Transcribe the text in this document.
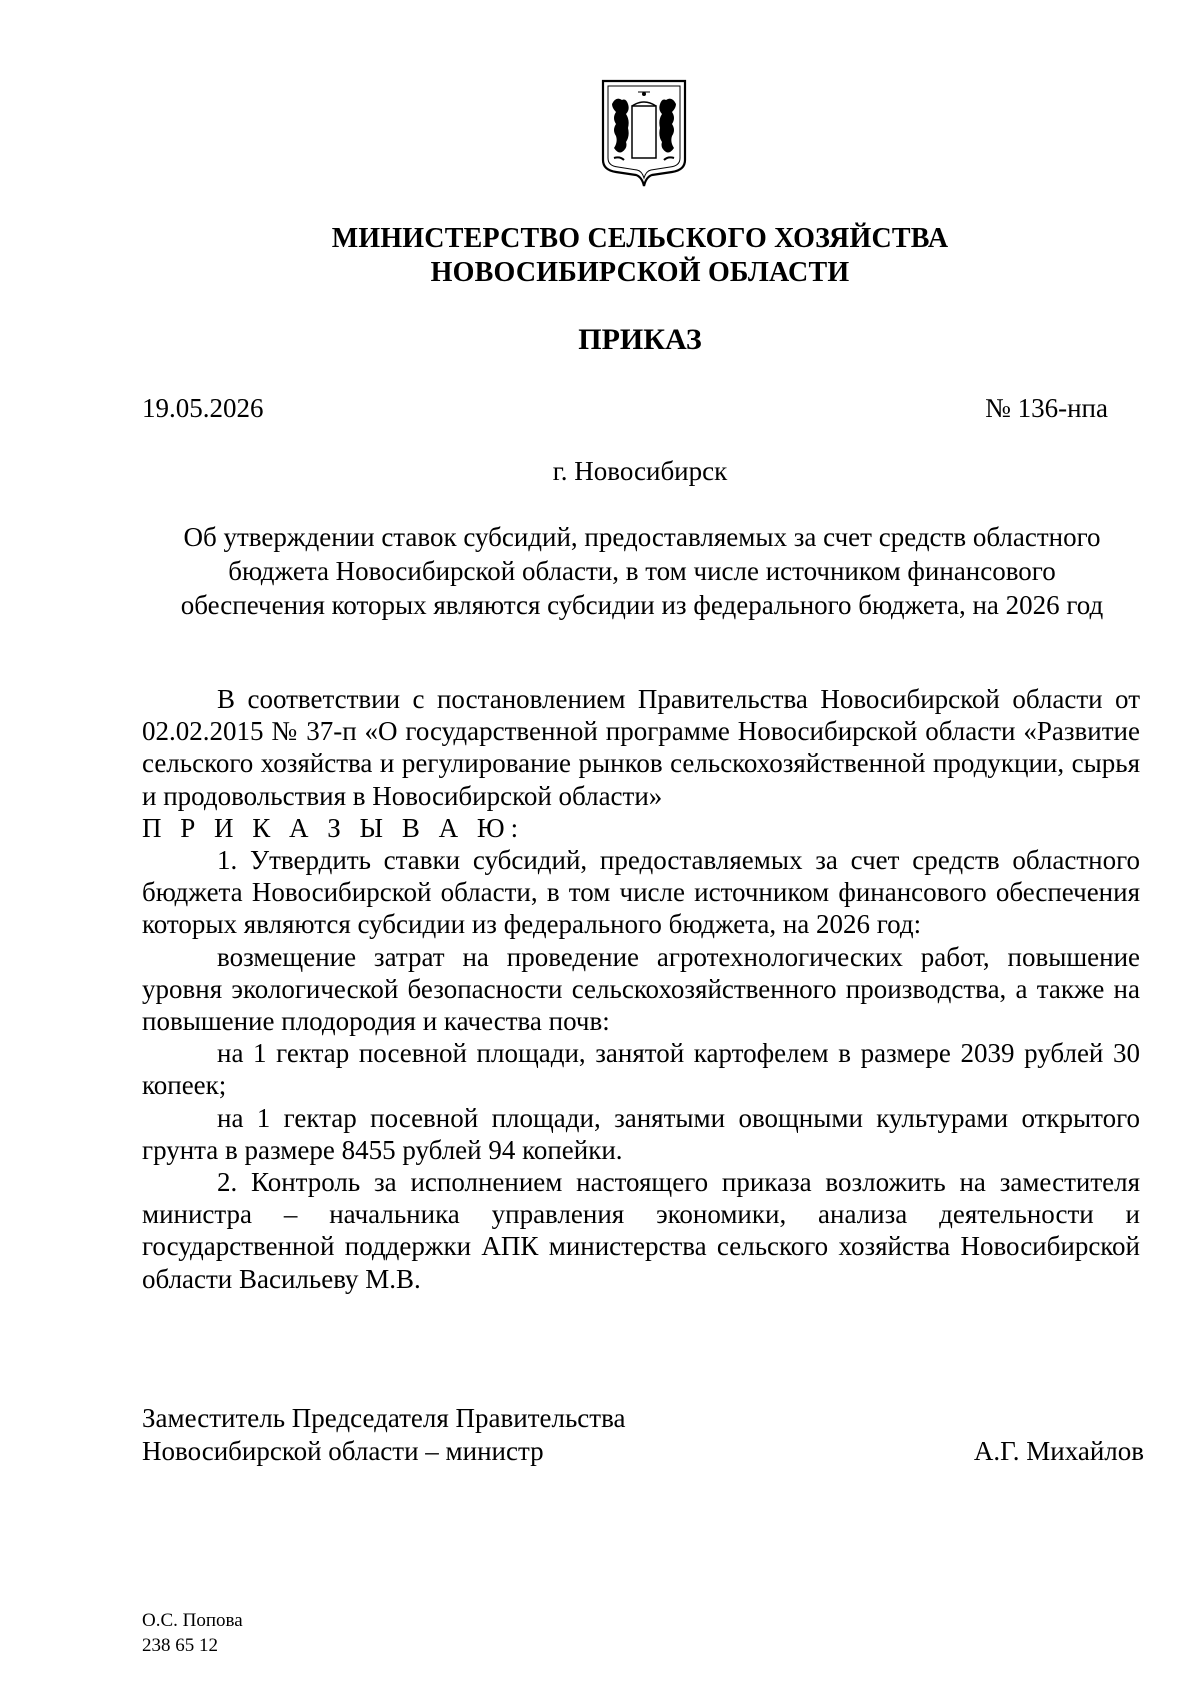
МИНИСТЕРСТВО СЕЛЬСКОГО ХОЗЯЙСТВА
НОВОСИБИРСКОЙ ОБЛАСТИ
ПРИКАЗ
19.05.2026	№ 136-нпа
г. Новосибирск
Об утверждении ставок субсидий, предоставляемых за счет средств областного
бюджета Новосибирской области, в том числе источником финансового
обеспечения которых являются субсидии из федерального бюджета, на 2026 год

В соответствии с постановлением Правительства Новосибирской области от 02.02.2015 № 37-п «О государственной программе Новосибирской области «Развитие сельского хозяйства и регулирование рынков сельскохозяйственной продукции, сырья и продовольствия в Новосибирской области»

П Р И К А З Ы В А Ю:

1. Утвердить ставки субсидий, предоставляемых за счет средств областного бюджета Новосибирской области, в том числе источником финансового обеспечения которых являются субсидии из федерального бюджета, на 2026 год:

возмещение затрат на проведение агротехнологических работ, повышение уровня экологической безопасности сельскохозяйственного производства, а также на повышение плодородия и качества почв:

на 1 гектар посевной площади, занятой картофелем в размере 2039 рублей 30 копеек;

на 1 гектар посевной площади, занятыми овощными культурами открытого грунта в размере 8455 рублей 94 копейки.

2. Контроль за исполнением настоящего приказа возложить на заместителя министра – начальника управления экономики, анализа деятельности и государственной поддержки АПК министерства сельского хозяйства Новосибирской области Васильеву М.В.

Заместитель Председателя Правительства
Новосибирской области – министр	А.Г. Михайлов
О.С. Попова
238 65 12
